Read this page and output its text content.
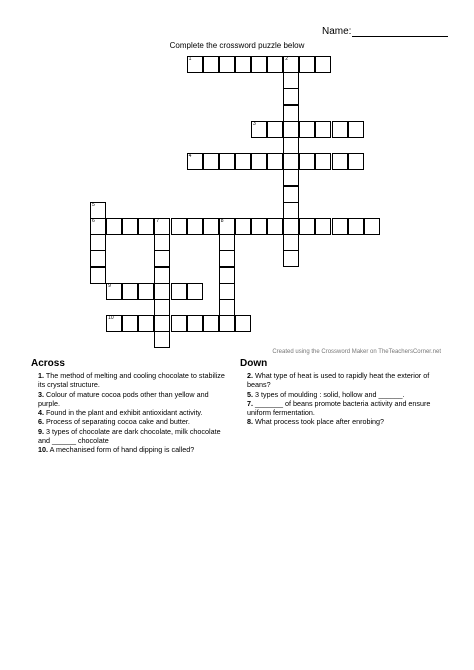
Name:
Complete the crossword puzzle below
1	2
3
4
5
6	7	8
9
10
Created using the Crossword Maker on TheTeachersCorner.net
Across
1. The method of melting and cooling chocolate to stabilize its crystal structure.
3. Colour of mature cocoa pods other than yellow and purple.
4. Found in the plant and exhibit antioxidant activity.
6. Process of separating cocoa cake and butter.
9. 3 types of chocolate are dark chocolate, milk chocolate and ______ chocolate
10. A mechanised form of hand dipping is called?
Down
2. What type of heat is used to rapidly heat the exterior of beans?
5. 3 types of moulding : solid, hollow and ______.
7. _______ of beans promote bacteria activity and ensure uniform fermentation.
8. What process took place after enrobing?
